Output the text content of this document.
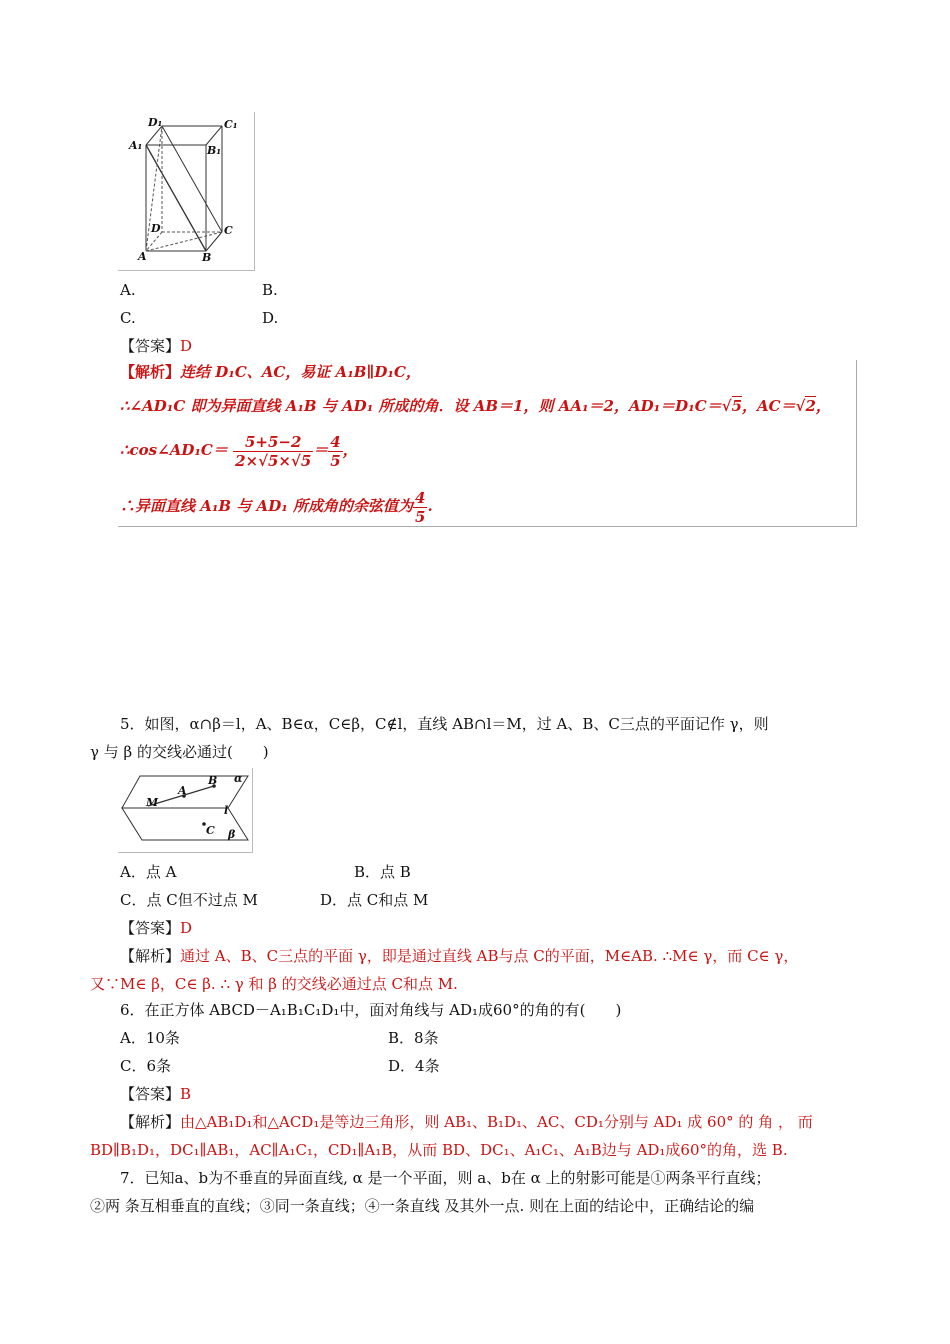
D₁	C₁
A₁	B₁
D	C
A	B
A.	B.
C.	D.
【答案】D
【解析】连结 D₁C、AC，易证 A₁B∥D₁C，
∴∠AD₁C 即为异面直线 A₁B 与 AD₁ 所成的角．设 AB＝1，则 AA₁＝2，AD₁＝D₁C＝√5，AC＝√2，
∴cos∠AD₁C＝ $\frac{5+5-2}{2\times√5\times√5} = \frac{4}{5}$ ，
∴异面直线 A₁B 与 AD₁ 所成角的余弦值为 $\frac{4}{5}$ .
5．如图，α∩β＝l，A、B∈α，C∈β，C∉l，直线 AB∩l＝M，过 A、B、C三点的平面记作 γ，则
γ 与 β 的交线必通过(　　)
α
B
A
M
l
C β
A．点 A	B．点 B
C．点 C但不过点 M	D．点 C和点 M
【答案】D
【解析】通过 A、B、C三点的平面 γ，即是通过直线 AB与点 C的平面，M∈AB. ∴M∈ γ，而 C∈ γ，
又∵M∈ β，C∈ β. ∴ γ 和 β 的交线必通过点 C和点 M.
6．在正方体 ABCD－A₁B₁C₁D₁中，面对角线与 AD₁成60°的角的有(　　)
A．10条	B．8条
C．6条	D．4条
【答案】B
【解析】由△AB₁D₁和△ACD₁是等边三角形，则 AB₁、B₁D₁、AC、CD₁分别与 AD₁ 成 60° 的 角 ， 而
BD∥B₁D₁，DC₁∥AB₁，AC∥A₁C₁，CD₁∥A₁B，从而 BD、DC₁、A₁C₁、A₁B边与 AD₁成60°的角，选 B.
7．已知a、b为不垂直的异面直线, α 是一个平面，则 a、b在 α 上的射影可能是①两条平行直线；
②两 条互相垂直的直线；③同一条直线；④一条直线 及其外一点. 则在上面的结论中，正确结论的编
